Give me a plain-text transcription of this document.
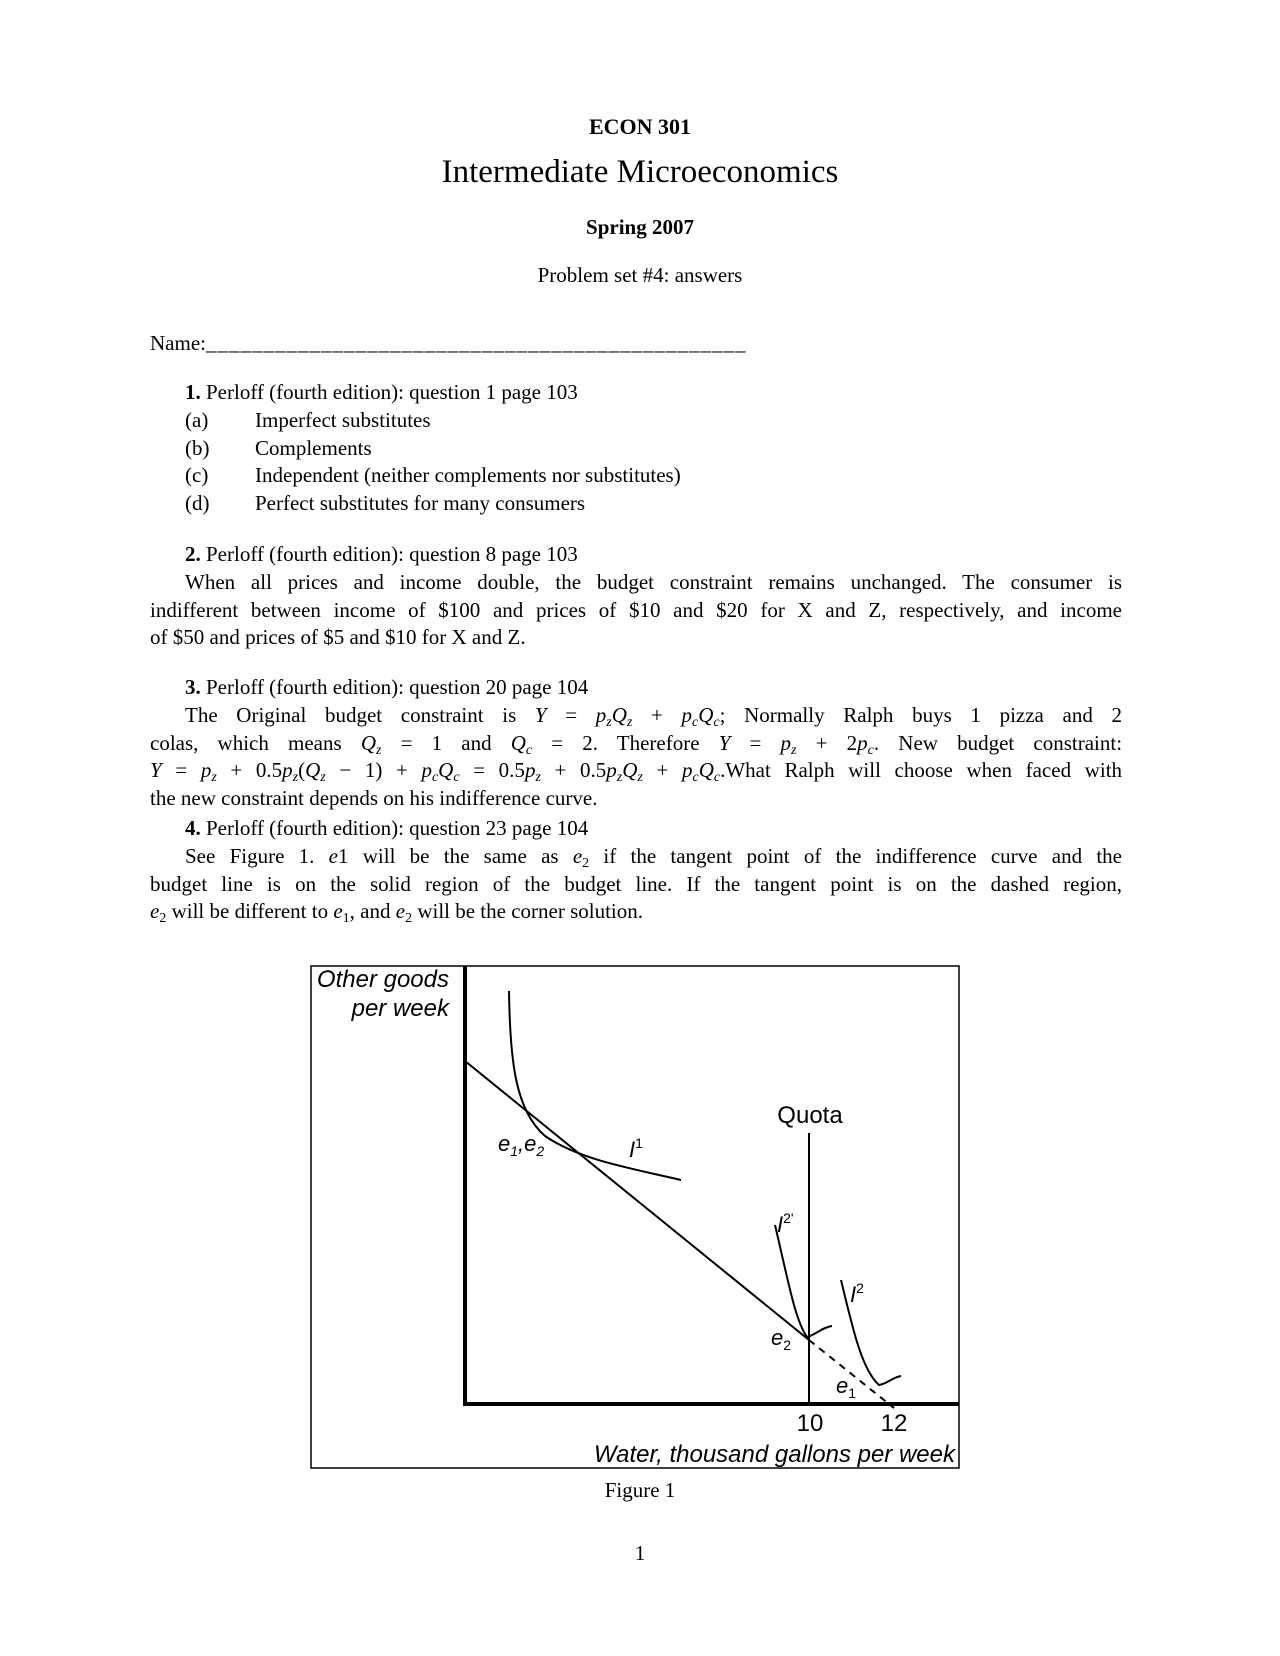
ECON 301
Intermediate Microeconomics
Spring 2007
Problem set #4: answers
Name:_______________________________________________
1. Perloff (fourth edition): question 1 page 103
(a)	Imperfect substitutes
(b)	Complements
(c)	Independent (neither complements nor substitutes)
(d)	Perfect substitutes for many consumers
2. Perloff (fourth edition): question 8 page 103
When all prices and income double, the budget constraint remains unchanged. The consumer is
indifferent between income of $100 and prices of $10 and $20 for X and Z, respectively, and income
of $50 and prices of $5 and $10 for X and Z.
3. Perloff (fourth edition): question 20 page 104
The Original budget constraint is $Y = p_zQ_z + p_cQ_c$; Normally Ralph buys 1 pizza and 2
colas, which means $Q_z = 1$ and $Q_c = 2$. Therefore $Y = p_z + 2p_c$. New budget constraint:
$Y = p_z + 0.5p_z(Q_z - 1) + p_cQ_c = 0.5p_z + 0.5p_zQ_z$ + $p_cQ_c.What$ Ralph will choose when faced with
the new constraint depends on his indifference curve.
4. Perloff (fourth edition): question 23 page 104
See Figure 1. e1 will be the same as $e_2$ if the tangent point of the indifference curve and the
budget line is on the solid region of the budget line. If the tangent point is on the dashed region,
$e_2$ will be different to $e_1$, and $e_2$ will be the corner solution.
Other goods
per week
Water, thousand gallons per week
Quota
10 12
$e_1,e_2$	$I^1$
$I^{2'}$
$I^2$
$e_2$
$e_1$
Figure 1
1
